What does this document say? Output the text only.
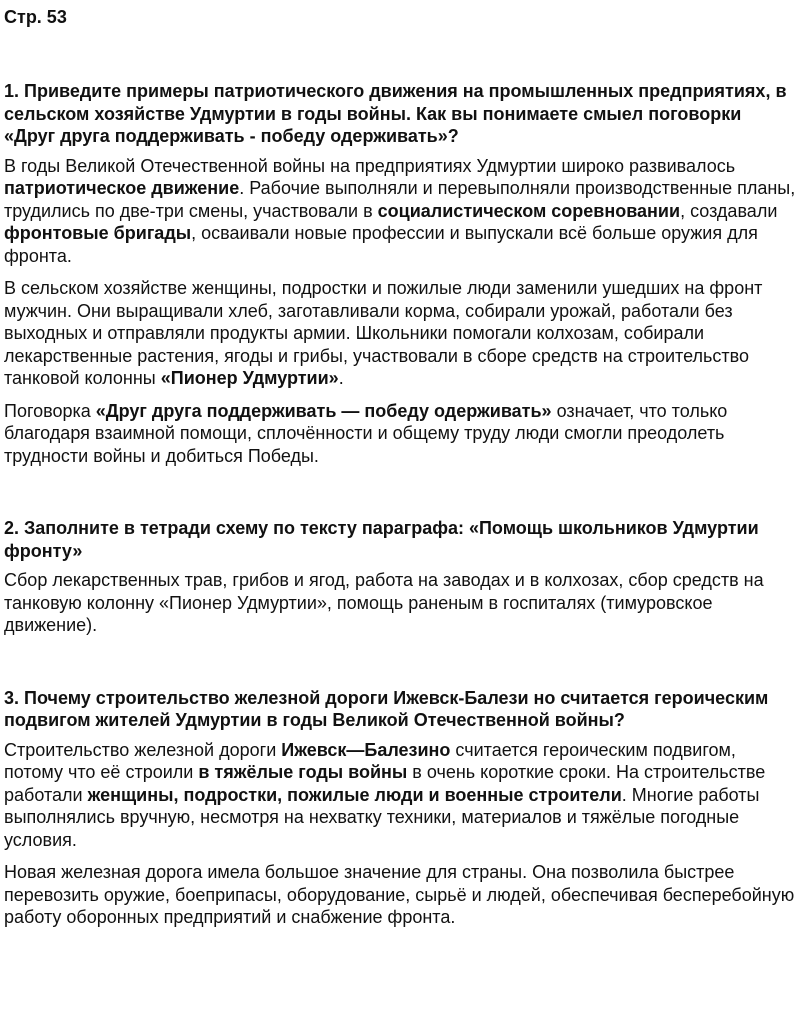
Стр. 53
1. Приведите примеры патриотического движения на промышленных предприятиях, в сельском хозяйстве Удмуртии в годы войны. Как вы понимаете смыел поговорки «Друг друга поддерживать - победу одерживать»?

В годы Великой Отечественной войны на предприятиях Удмуртии широко развивалось патриотическое движение. Рабочие выполняли и перевыполняли производственные планы, трудились по две-три смены, участвовали в социалистическом соревновании, создавали фронтовые бригады, осваивали новые профессии и выпускали всё больше оружия для фронта.

В сельском хозяйстве женщины, подростки и пожилые люди заменили ушедших на фронт мужчин. Они выращивали хлеб, заготавливали корма, собирали урожай, работали без выходных и отправляли продукты армии. Школьники помогали колхозам, собирали лекарственные растения, ягоды и грибы, участвовали в сборе средств на строительство танковой колонны «Пионер Удмуртии».

Поговорка «Друг друга поддерживать — победу одерживать» означает, что только благодаря взаимной помощи, сплочённости и общему труду люди смогли преодолеть трудности войны и добиться Победы.

2. Заполните в тетради схему по тексту параграфа: «Помощь школьников Удмуртии фронту»

Сбор лекарственных трав, грибов и ягод, работа на заводах и в колхозах, сбор средств на танковую колонну «Пионер Удмуртии», помощь раненым в госпиталях (тимуровское движение).

3. Почему строительство железной дороги Ижевск-Балези но считается героическим подвигом жителей Удмуртии в годы Великой Отечественной войны?

Строительство железной дороги Ижевск—Балезино считается героическим подвигом, потому что её строили в тяжёлые годы войны в очень короткие сроки. На строительстве работали женщины, подростки, пожилые люди и военные строители. Многие работы выполнялись вручную, несмотря на нехватку техники, материалов и тяжёлые погодные условия.

Новая железная дорога имела большое значение для страны. Она позволила быстрее перевозить оружие, боеприпасы, оборудование, сырьё и людей, обеспечивая бесперебойную работу оборонных предприятий и снабжение фронта.
